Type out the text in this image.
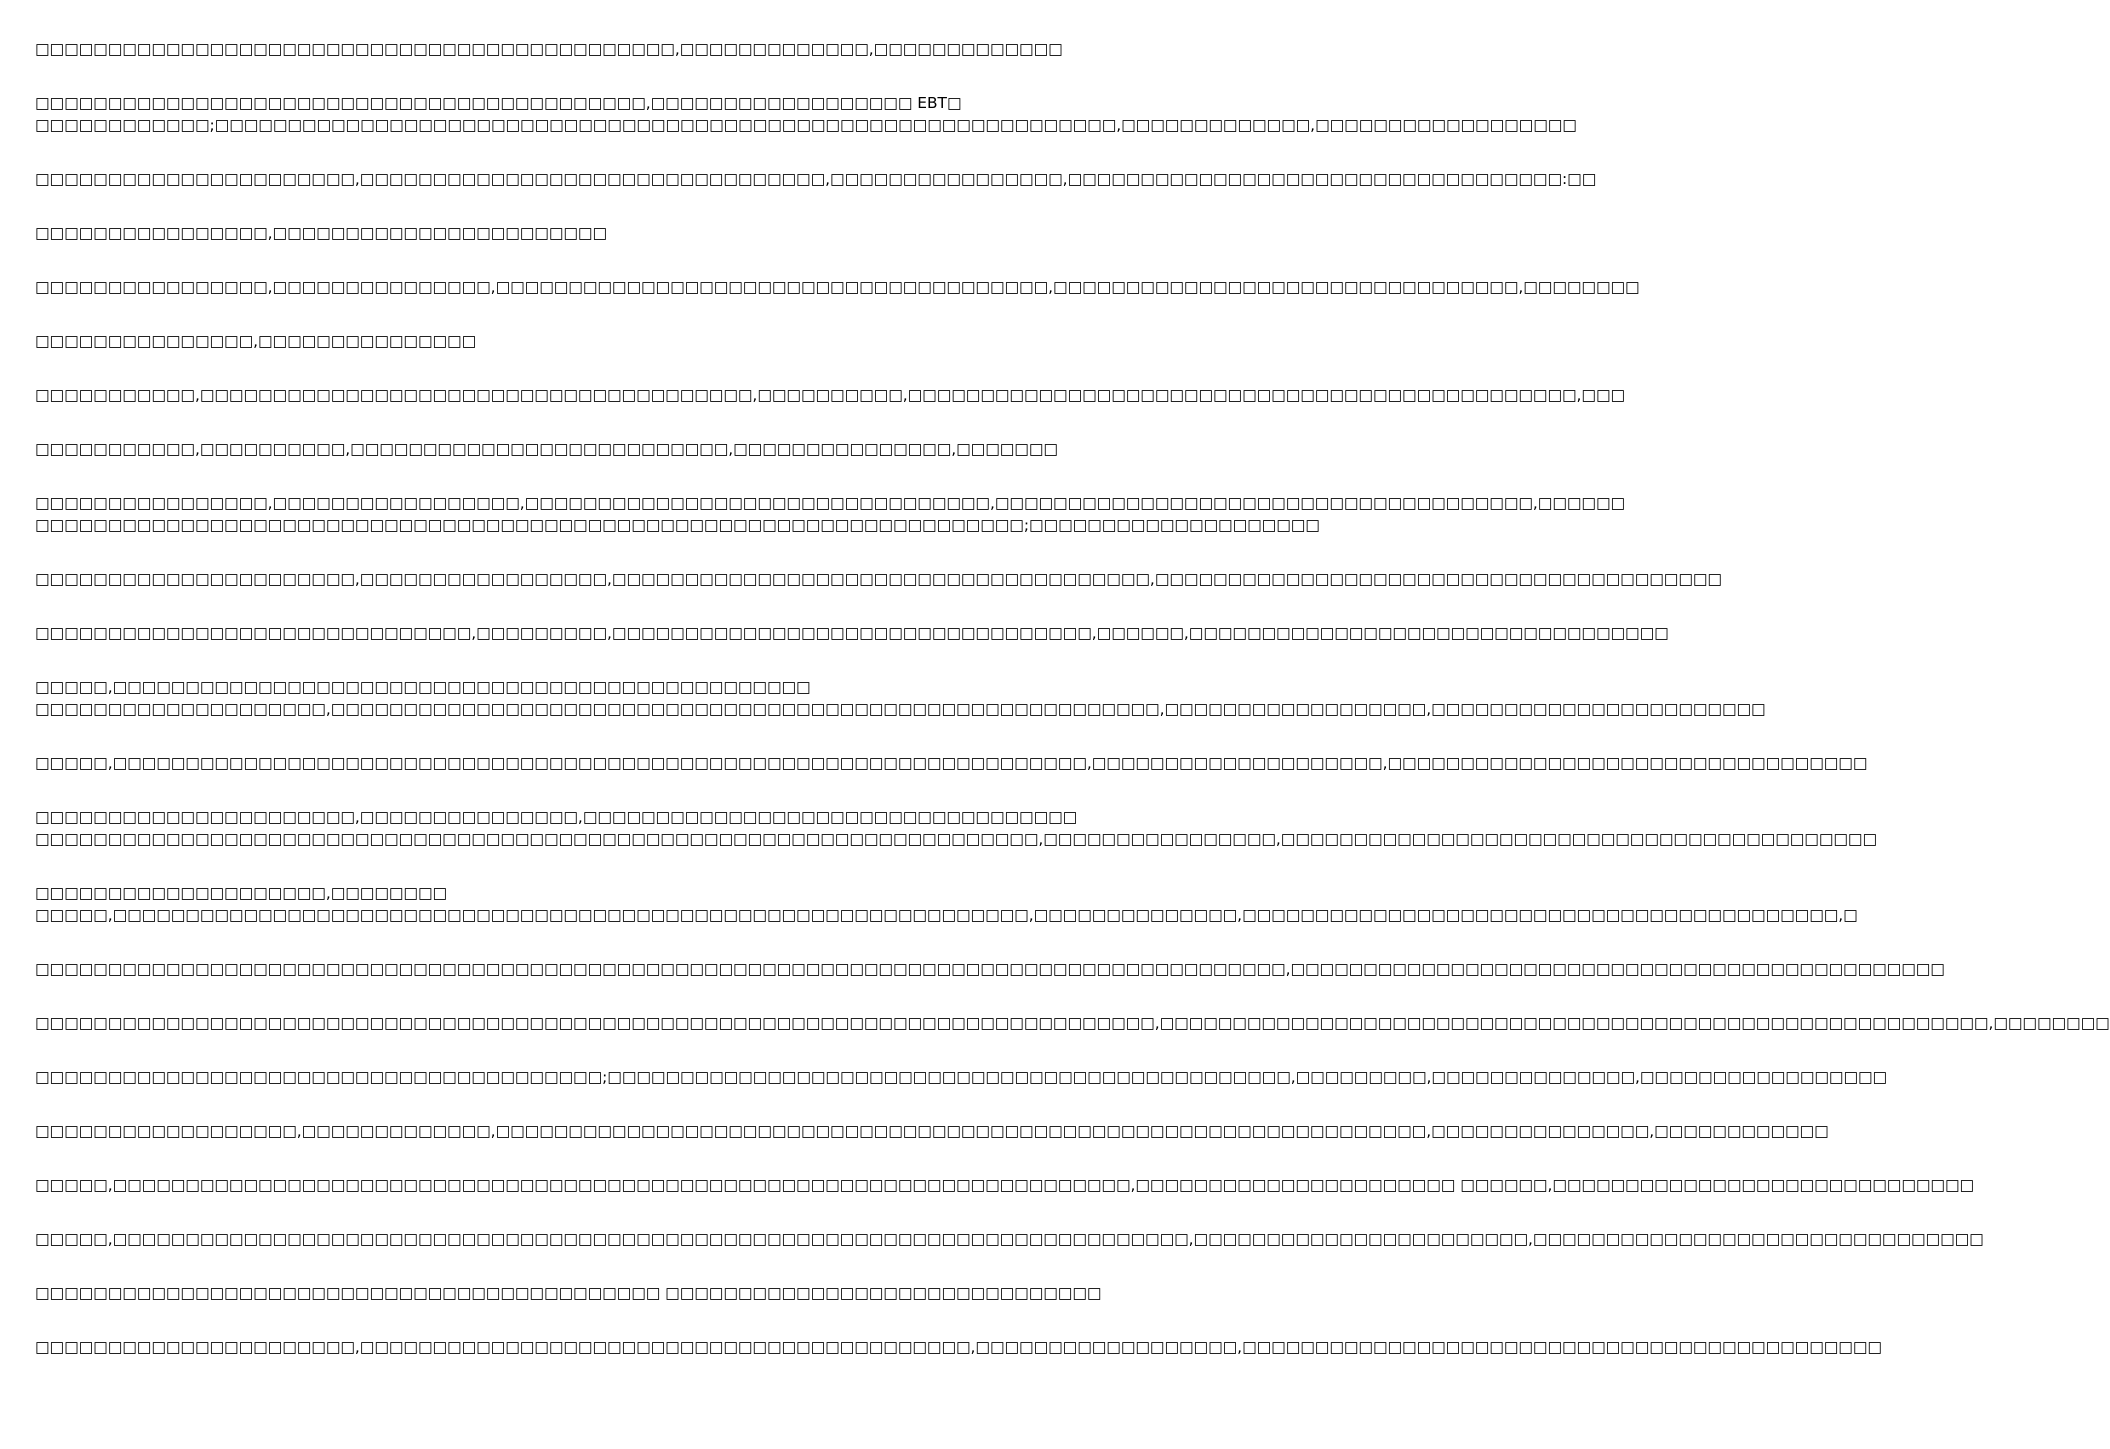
□□□□□□□□□□□□□□□□□□□□□□□□□□□□□□□□□□□□□□□□□□□□,□□□□□□□□□□□□□,□□□□□□□□□□□□□
□□□□□□□□□□□□□□□□□□□□□□□□□□□□□□□□□□□□□□□□□□,□□□□□□□□□□□□□□□□□□ EBT□
□□□□□□□□□□□□;□□□□□□□□□□□□□□□□□□□□□□□□□□□□□□□□□□□□□□□□□□□□□□□□□□□□□□□□□□□□□□,□□□□□□□□□□□□□,□□□□□□□□□□□□□□□□□□
□□□□□□□□□□□□□□□□□□□□□□,□□□□□□□□□□□□□□□□□□□□□□□□□□□□□□□□,□□□□□□□□□□□□□□□□,□□□□□□□□□□□□□□□□□□□□□□□□□□□□□□□□□□:□□
□□□□□□□□□□□□□□□□,□□□□□□□□□□□□□□□□□□□□□□□
□□□□□□□□□□□□□□□□,□□□□□□□□□□□□□□□,□□□□□□□□□□□□□□□□□□□□□□□□□□□□□□□□□□□□□□,□□□□□□□□□□□□□□□□□□□□□□□□□□□□□□□□,□□□□□□□□
□□□□□□□□□□□□□□□,□□□□□□□□□□□□□□□
□□□□□□□□□□□,□□□□□□□□□□□□□□□□□□□□□□□□□□□□□□□□□□□□□□,□□□□□□□□□□,□□□□□□□□□□□□□□□□□□□□□□□□□□□□□□□□□□□□□□□□□□□□□□,□□□
□□□□□□□□□□□,□□□□□□□□□□,□□□□□□□□□□□□□□□□□□□□□□□□□□,□□□□□□□□□□□□□□□,□□□□□□□
□□□□□□□□□□□□□□□□,□□□□□□□□□□□□□□□□□,□□□□□□□□□□□□□□□□□□□□□□□□□□□□□□□□,□□□□□□□□□□□□□□□□□□□□□□□□□□□□□□□□□□□□□,□□□□□□
□□□□□□□□□□□□□□□□□□□□□□□□□□□□□□□□□□□□□□□□□□□□□□□□□□□□□□□□□□□□□□□□□□□□;□□□□□□□□□□□□□□□□□□□□
□□□□□□□□□□□□□□□□□□□□□□,□□□□□□□□□□□□□□□□□,□□□□□□□□□□□□□□□□□□□□□□□□□□□□□□□□□□□□□,□□□□□□□□□□□□□□□□□□□□□□□□□□□□□□□□□□□□□□□
□□□□□□□□□□□□□□□□□□□□□□□□□□□□□□,□□□□□□□□□,□□□□□□□□□□□□□□□□□□□□□□□□□□□□□□□□□,□□□□□□,□□□□□□□□□□□□□□□□□□□□□□□□□□□□□□□□□
□□□□□,□□□□□□□□□□□□□□□□□□□□□□□□□□□□□□□□□□□□□□□□□□□□□□□□
□□□□□□□□□□□□□□□□□□□□,□□□□□□□□□□□□□□□□□□□□□□□□□□□□□□□□□□□□□□□□□□□□□□□□□□□□□□□□□,□□□□□□□□□□□□□□□□□□,□□□□□□□□□□□□□□□□□□□□□□□
□□□□□,□□□□□□□□□□□□□□□□□□□□□□□□□□□□□□□□□□□□□□□□□□□□□□□□□□□□□□□□□□□□□□□□□□□,□□□□□□□□□□□□□□□□□□□□,□□□□□□□□□□□□□□□□□□□□□□□□□□□□□□□□□
□□□□□□□□□□□□□□□□□□□□□□,□□□□□□□□□□□□□□□,□□□□□□□□□□□□□□□□□□□□□□□□□□□□□□□□□□
□□□□□□□□□□□□□□□□□□□□□□□□□□□□□□□□□□□□□□□□□□□□□□□□□□□□□□□□□□□□□□□□□□□□□,□□□□□□□□□□□□□□□□,□□□□□□□□□□□□□□□□□□□□□□□□□□□□□□□□□□□□□□□□□
□□□□□□□□□□□□□□□□□□□□,□□□□□□□□
□□□□□,□□□□□□□□□□□□□□□□□□□□□□□□□□□□□□□□□□□□□□□□□□□□□□□□□□□□□□□□□□□□□□□,□□□□□□□□□□□□□□,□□□□□□□□□□□□□□□□□□□□□□□□□□□□□□□□□□□□□□□□□,□
□□□□□□□□□□□□□□□□□□□□□□□□□□□□□□□□□□□□□□□□□□□□□□□□□□□□□□□□□□□□□□□□□□□□□□□□□□□□□□□□□□□□□□,□□□□□□□□□□□□□□□□□□□□□□□□□□□□□□□□□□□□□□□□□□□□□
□□□□□□□□□□□□□□□□□□□□□□□□□□□□□□□□□□□□□□□□□□□□□□□□□□□□□□□□□□□□□□□□□□□□□□□□□□□□□,□□□□□□□□□□□□□□□□□□□□□□□□□□□□□□□□□□□□□□□□□□□□□□□□□□□□□□□□□,□□□□□□□□
□□□□□□□□□□□□□□□□□□□□□□□□□□□□□□□□□□□□□□□;□□□□□□□□□□□□□□□□□□□□□□□□□□□□□□□□□□□□□□□□□□□□□□□,□□□□□□□□□,□□□□□□□□□□□□□□,□□□□□□□□□□□□□□□□□
□□□□□□□□□□□□□□□□□□,□□□□□□□□□□□□□,□□□□□□□□□□□□□□□□□□□□□□□□□□□□□□□□□□□□□□□□□□□□□□□□□□□□□□□□□□□□□□□□,□□□□□□□□□□□□□□□,□□□□□□□□□□□□
□□□□□,□□□□□□□□□□□□□□□□□□□□□□□□□□□□□□□□□□□□□□□□□□□□□□□□□□□□□□□□□□□□□□□□□□□□□□,□□□□□□□□□□□□□□□□□□□□□□ □□□□□□,□□□□□□□□□□□□□□□□□□□□□□□□□□□□□
□□□□□,□□□□□□□□□□□□□□□□□□□□□□□□□□□□□□□□□□□□□□□□□□□□□□□□□□□□□□□□□□□□□□□□□□□□□□□□□□,□□□□□□□□□□□□□□□□□□□□□□□,□□□□□□□□□□□□□□□□□□□□□□□□□□□□□□□
□□□□□□□□□□□□□□□□□□□□□□□□□□□□□□□□□□□□□□□□□□□ □□□□□□□□□□□□□□□□□□□□□□□□□□□□□□
□□□□□□□□□□□□□□□□□□□□□□,□□□□□□□□□□□□□□□□□□□□□□□□□□□□□□□□□□□□□□□□□□,□□□□□□□□□□□□□□□□□□,□□□□□□□□□□□□□□□□□□□□□□□□□□□□□□□□□□□□□□□□□□□□
